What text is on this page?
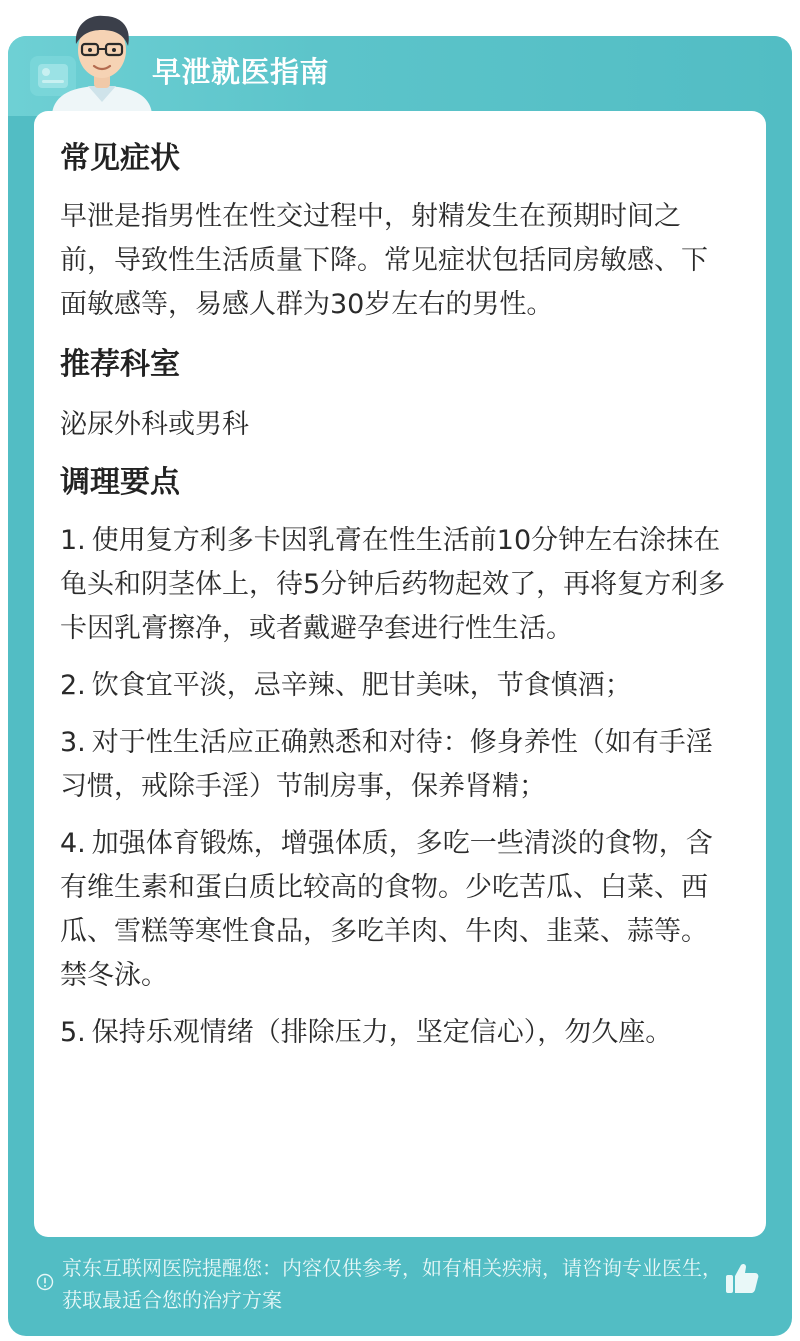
早泄就医指南
常见症状

早泄是指男性在性交过程中，射精发生在预期时间之前，导致性生活质量下降。常见症状包括同房敏感、下面敏感等，易感人群为30岁左右的男性。

推荐科室

泌尿外科或男科

调理要点

1. 使用复方利多卡因乳膏在性生活前10分钟左右涂抹在龟头和阴茎体上，待5分钟后药物起效了，再将复方利多卡因乳膏擦净，或者戴避孕套进行性生活。

2. 饮食宜平淡，忌辛辣、肥甘美味，节食慎酒；

3. 对于性生活应正确熟悉和对待：修身养性（如有手淫习惯，戒除手淫）节制房事，保养肾精；

4. 加强体育锻炼，增强体质，多吃一些清淡的食物，含有维生素和蛋白质比较高的食物。少吃苦瓜、白菜、西瓜、雪糕等寒性食品，多吃羊肉、牛肉、韭菜、蒜等。禁冬泳。

5. 保持乐观情绪（排除压力，坚定信心），勿久座。

京东互联网医院提醒您：内容仅供参考，如有相关疾病，请咨询专业医生，获取最适合您的治疗方案
